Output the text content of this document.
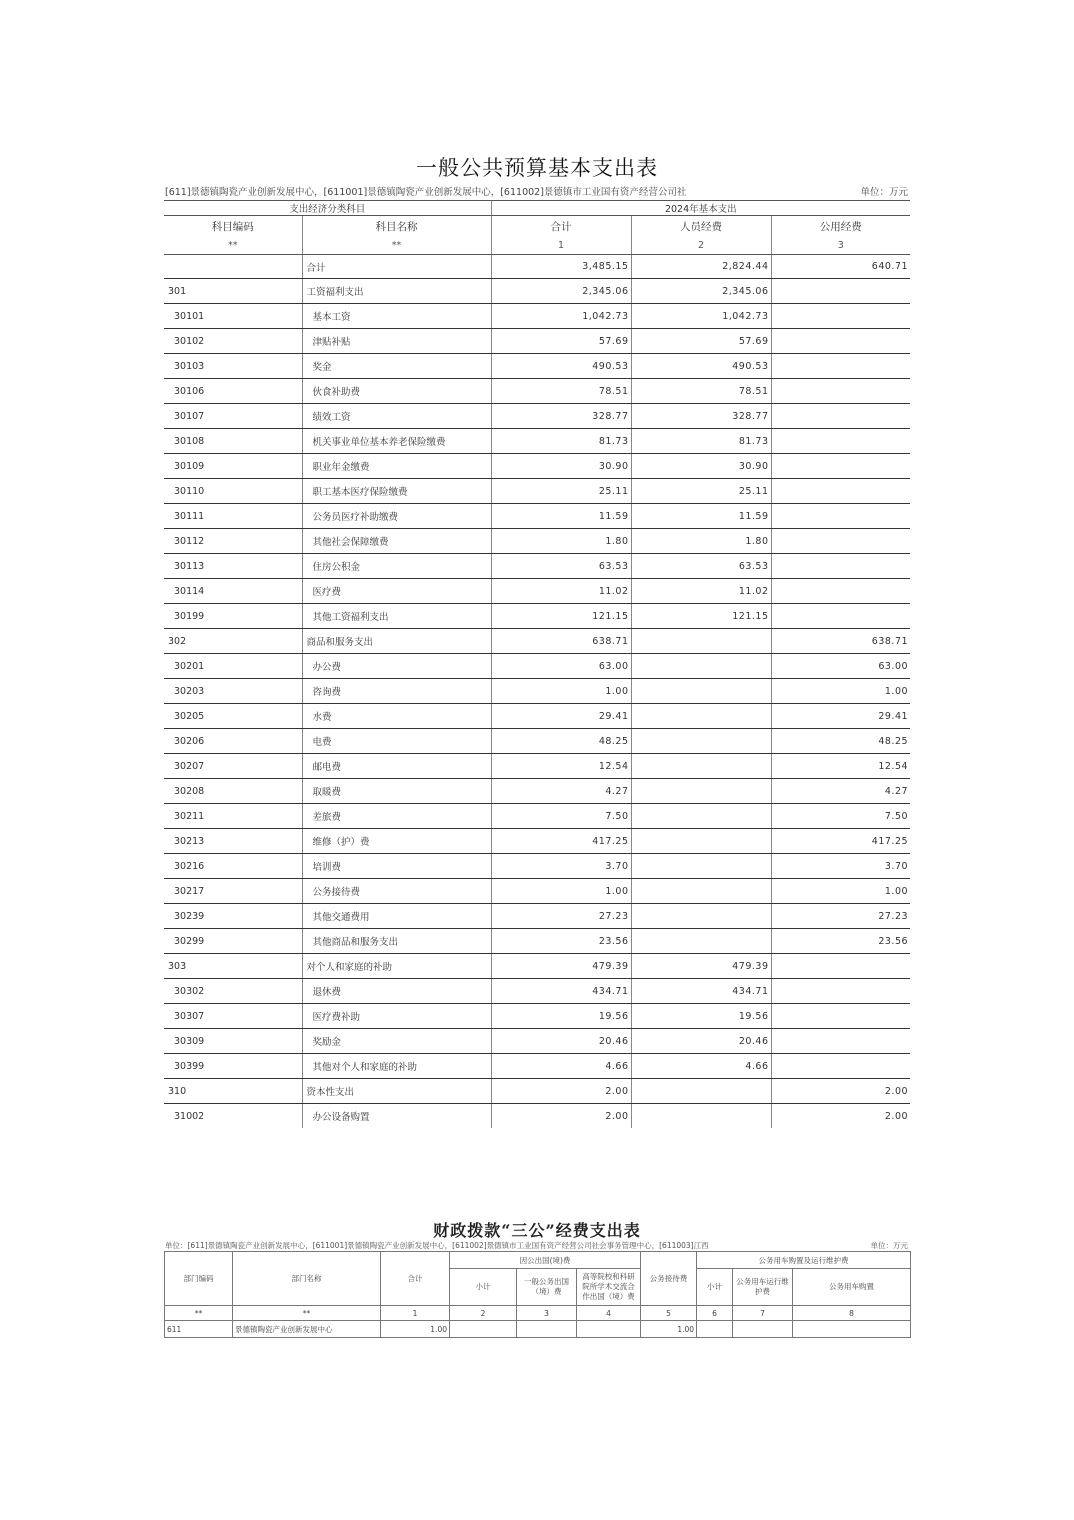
一般公共预算基本支出表
[611]景德镇陶瓷产业创新发展中心，[611001]景德镇陶瓷产业创新发展中心，[611002]景德镇市工业国有资产经营公司社	单位：万元
支出经济分类科目		2024年基本支出		
科目编码	科目名称	合计	人员经费	公用经费
**	**	1	2	3
	合计	3,485.15	2,824.44	640.71
301	工资福利支出	2,345.06	2,345.06	
30101	基本工资	1,042.73	1,042.73	
30102	津贴补贴	57.69	57.69	
30103	奖金	490.53	490.53	
30106	伙食补助费	78.51	78.51	
30107	绩效工资	328.77	328.77	
30108	机关事业单位基本养老保险缴费	81.73	81.73	
30109	职业年金缴费	30.90	30.90	
30110	职工基本医疗保险缴费	25.11	25.11	
30111	公务员医疗补助缴费	11.59	11.59	
30112	其他社会保障缴费	1.80	1.80	
30113	住房公积金	63.53	63.53	
30114	医疗费	11.02	11.02	
30199	其他工资福利支出	121.15	121.15	
302	商品和服务支出	638.71		638.71
30201	办公费	63.00		63.00
30203	咨询费	1.00		1.00
30205	水费	29.41		29.41
30206	电费	48.25		48.25
30207	邮电费	12.54		12.54
30208	取暖费	4.27		4.27
30211	差旅费	7.50		7.50
30213	维修（护）费	417.25		417.25
30216	培训费	3.70		3.70
30217	公务接待费	1.00		1.00
30239	其他交通费用	27.23		27.23
30299	其他商品和服务支出	23.56		23.56
303	对个人和家庭的补助	479.39	479.39	
30302	退休费	434.71	434.71	
30307	医疗费补助	19.56	19.56	
30309	奖励金	20.46	20.46	
30399	其他对个人和家庭的补助	4.66	4.66	
310	资本性支出	2.00		2.00
31002	办公设备购置	2.00		2.00
财政拨款“三公”经费支出表
单位：[611]景德镇陶瓷产业创新发展中心，[611001]景德镇陶瓷产业创新发展中心，[611002]景德镇市工业国有资产经营公司社会事务管理中心，[611003]江西	单位：万元
部门编码	部门名称	合计	因公出国(境)费			公务接待费	公务用车购置及运行维护费		
			小计	一般公务出国（境）费	高等院校和科研院所学术交流合作出国（境）费		小计	公务用车运行维护费	公务用车购置
**	**	1	2	3	4	5	6	7	8
611	景德镇陶瓷产业创新发展中心	1.00				1.00			
